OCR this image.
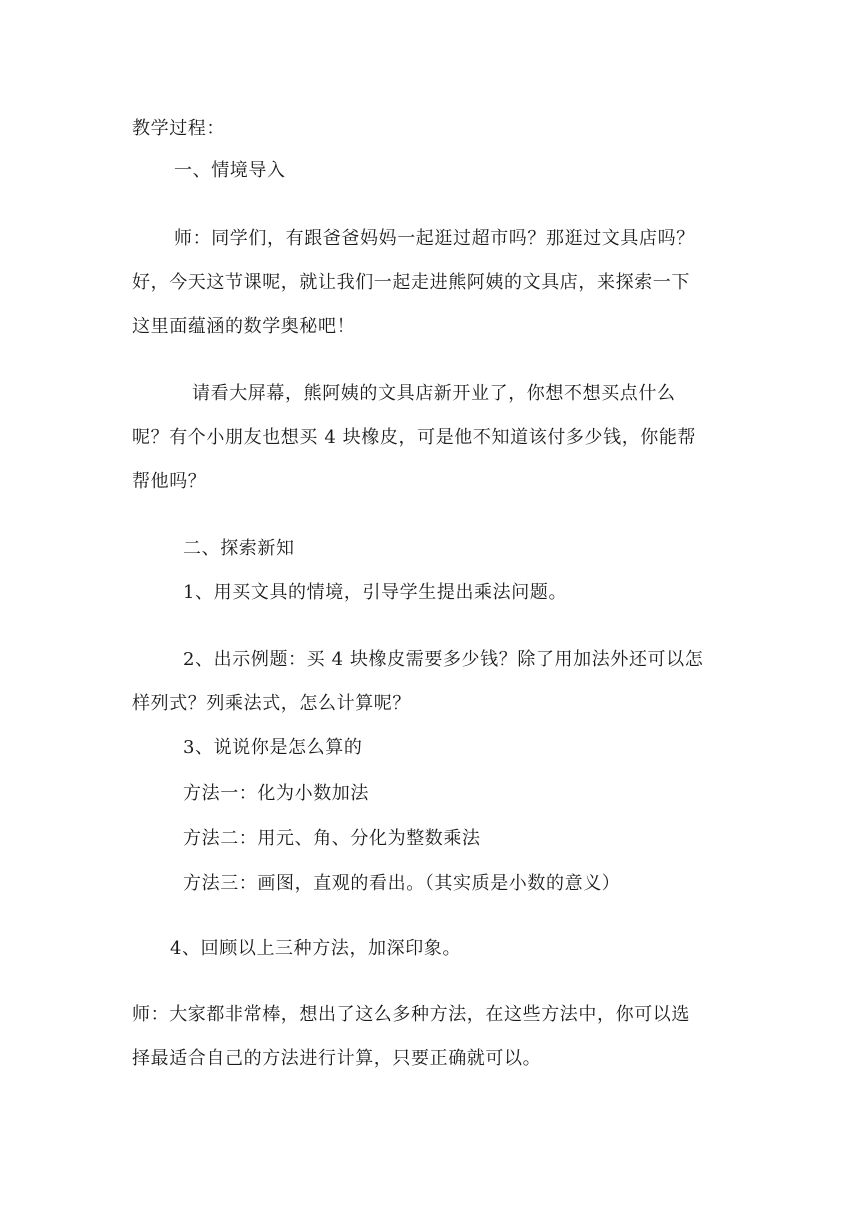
教学过程：
一、情境导入
师：同学们，有跟爸爸妈妈一起逛过超市吗？那逛过文具店吗？
好，今天这节课呢，就让我们一起走进熊阿姨的文具店，来探索一下
这里面蕴涵的数学奥秘吧！
请看大屏幕，熊阿姨的文具店新开业了，你想不想买点什么
呢？有个小朋友也想买 4 块橡皮，可是他不知道该付多少钱，你能帮
帮他吗？
二、探索新知
1、用买文具的情境，引导学生提出乘法问题。
2、出示例题：买 4 块橡皮需要多少钱？除了用加法外还可以怎
样列式？列乘法式，怎么计算呢？
3、说说你是怎么算的
方法一：化为小数加法
方法二：用元、角、分化为整数乘法
方法三：画图，直观的看出。（其实质是小数的意义）
4、回顾以上三种方法，加深印象。
师：大家都非常棒，想出了这么多种方法，在这些方法中，你可以选
择最适合自己的方法进行计算，只要正确就可以。
